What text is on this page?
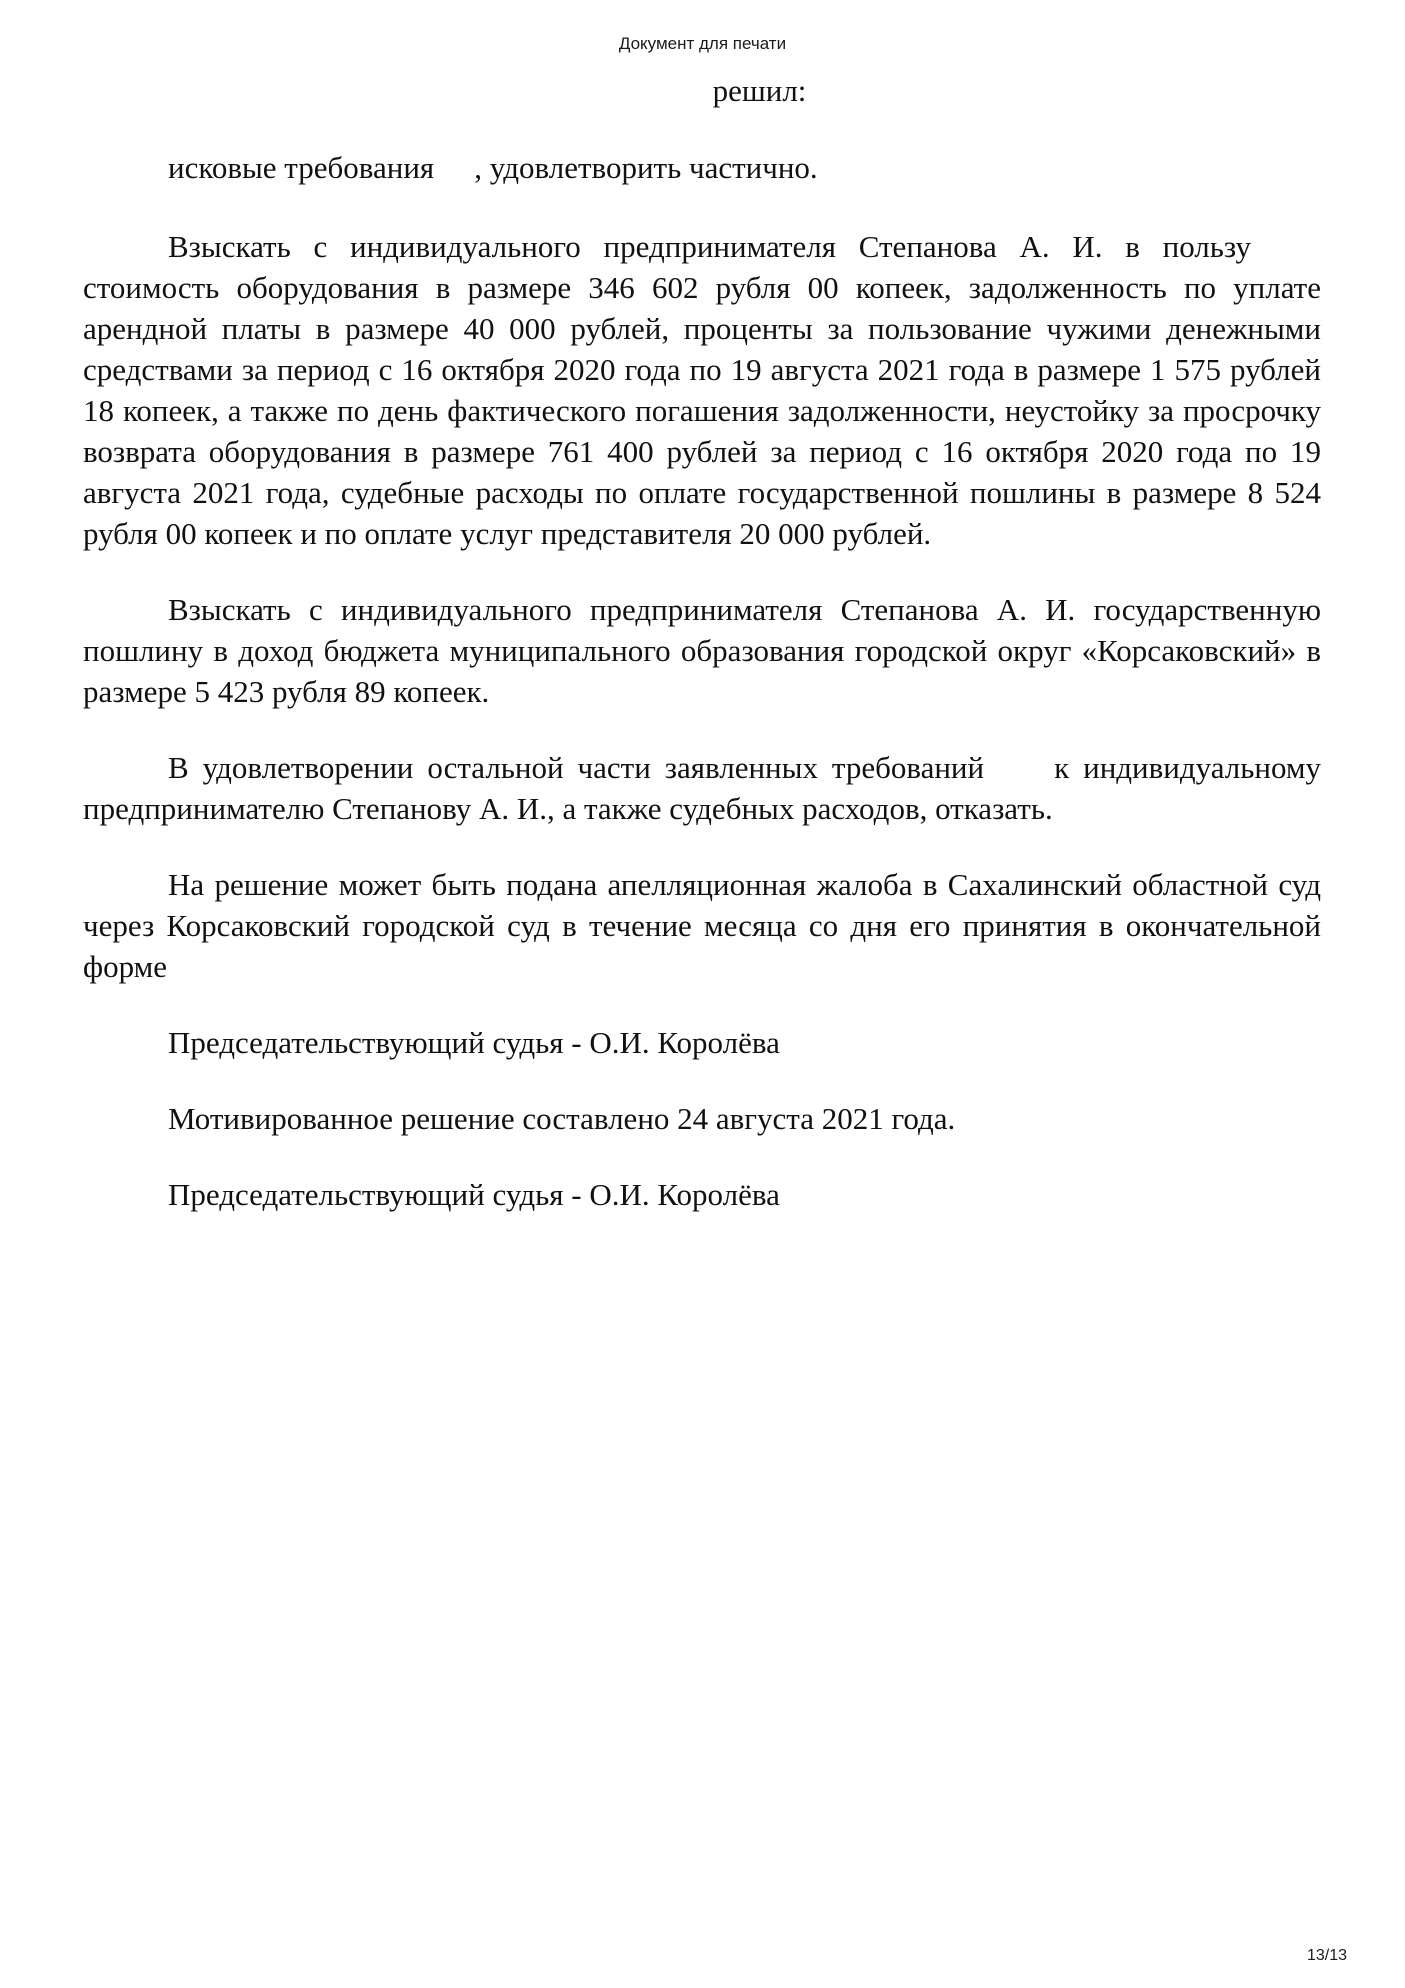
Документ для печати

решил:

исковые требования , удовлетворить частично.

Взыскать с индивидуального предпринимателя Степанова А. И. в пользустоимость оборудования в размере 346 602 рубля 00 копеек, задолженность по уплате арендной платы в размере 40 000 рублей, проценты за пользование чужими денежными средствами за период с 16 октября 2020 года по 19 августа 2021 года в размере 1 575 рублей 18 копеек, а также по день фактического погашения задолженности, неустойку за просрочку возврата оборудования в размере 761 400 рублей за период с 16 октября 2020 года по 19 августа 2021 года, судебные расходы по оплате государственной пошлины в размере 8 524 рубля 00 копеек и по оплате услуг представителя 20 000 рублей.

Взыскать с индивидуального предпринимателя Степанова А. И. государственную пошлину в доход бюджета муниципального образования городской округ «Корсаковский» в размере 5 423 рубля 89 копеек.

В удовлетворении остальной части заявленных требований к индивидуальному предпринимателю Степанову А. И., а также судебных расходов, отказать.

На решение может быть подана апелляционная жалоба в Сахалинский областной суд через Корсаковский городской суд в течение месяца со дня его принятия в окончательной форме

Председательствующий судья - О.И. Королёва

Мотивированное решение составлено 24 августа 2021 года.

Председательствующий судья - О.И. Королёва

13/13
